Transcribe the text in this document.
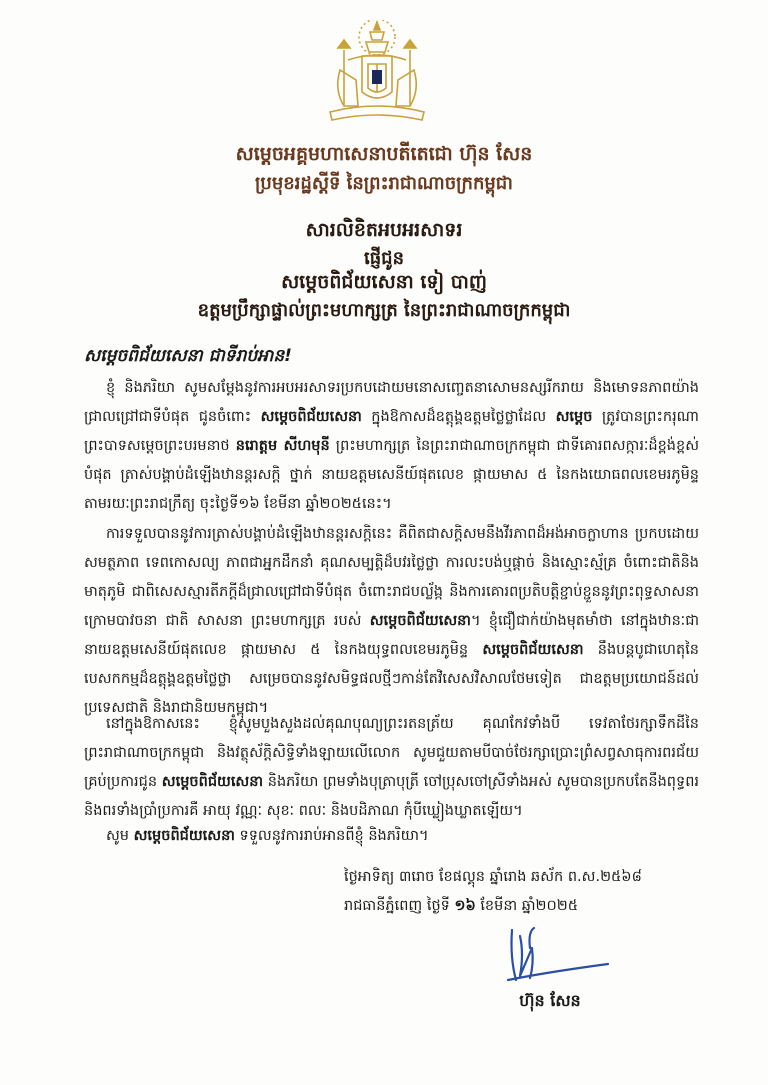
សម្តេចអគ្គមហាសេនាបតីតេជោ ហ៊ុន សែន
ប្រមុខរដ្ឋស្តីទី នៃព្រះរាជាណាចក្រកម្ពុជា
សារលិខិតអបអរសាទរ
ផ្ញើជូន
សម្តេចពិជ័យសេនា ទៀ បាញ់
ឧត្តមប្រឹក្សាផ្ទាល់ព្រះមហាក្សត្រ នៃព្រះរាជាណាចក្រកម្ពុជា
សម្តេចពិជ័យសេនា ជាទីរាប់អាន!

ខ្ញុំ និងភរិយា សូមសម្តែងនូវការអបអរសាទរប្រកបដោយមនោសញ្ចេតនាសោមនស្សរីករាយ និងមោទនភាពយ៉ាងជ្រាលជ្រៅជាទីបំផុត ជូនចំពោះ សម្តេចពិជ័យសេនា ក្នុងឱកាសដ៏ឧត្តុង្គឧត្តមថ្លៃថ្លាដែល សម្តេច ត្រូវបានព្រះករុណា ព្រះបាទសម្តេចព្រះបរមនាថ នរោត្តម សីហមុនី ព្រះមហាក្សត្រ នៃព្រះរាជាណាចក្រកម្ពុជា ជាទីគោរពសក្ការៈដ៏ខ្ពង់ខ្ពស់បំផុត ត្រាស់បង្គាប់ដំឡើងឋានន្តរសក្តិ ថ្នាក់ នាយឧត្តមសេនីយ៍ផុតលេខ ផ្កាយមាស ៥ នៃកងយោធពលខេមរភូមិន្ទ តាមរយៈព្រះរាជក្រឹត្យ ចុះថ្ងៃទី១៦ ខែមីនា ឆ្នាំ២០២៥នេះ។

ការទទួលបាននូវការត្រាស់បង្គាប់ដំឡើងឋានន្តរសក្តិនេះ គឺពិតជាសក្តិសមនឹងវីរភាពដ៏អង់អាចក្លាហាន ប្រកបដោយសមត្ថភាព ទេពកោសល្យ ភាពជាអ្នកដឹកនាំ គុណសម្បត្តិដ៏បវរថ្លៃថ្លា ការលះបង់ឬផ្តាច់ និងស្មោះស្ម័គ្រ ចំពោះជាតិនិងមាតុភូមិ ជាពិសេសស្មារតីភក្តីដ៏ជ្រាលជ្រៅជាទីបំផុត ចំពោះរាជបល្ល័ង្ក និងការគោរពប្រតិបត្តិខ្ជាប់ខ្ជួននូវព្រះពុទ្ធសាសនា ក្រោមបាវចនា ជាតិ សាសនា ព្រះមហាក្សត្រ របស់ សម្តេចពិជ័យសេនា។ ខ្ញុំជឿជាក់យ៉ាងមុតមាំថា នៅក្នុងឋានៈជានាយឧត្តមសេនីយ៍ផុតលេខ ផ្កាយមាស ៥ នៃកងយុទ្ធពលខេមរភូមិន្ទ សម្តេចពិជ័យសេនា នឹងបន្តបូជាហេតុនៃបេសកកម្មដ៏ឧត្តុង្គឧត្តមថ្លៃថ្លា សម្រេចបាននូវសមិទ្ធផលថ្មីៗកាន់តែវិសេសវិសាលថែមទៀត ជាឧត្តមប្រយោជន៍ដល់ប្រទេសជាតិ និងរាជានិយមកម្ពុជា។

នៅក្នុងឱកាសនេះ ខ្ញុំសូមបួងសួងដល់គុណបុណ្យព្រះរតនត្រ័យ គុណកែវទាំងបី ទេវតាថែរក្សាទឹកដីនៃព្រះរាជាណាចក្រកម្ពុជា និងវត្ថុស័ក្តិសិទ្ធិទាំងឡាយលើលោក សូមជួយតាមបីបាច់ថែរក្សាប្រោះព្រំសព្វសាធុការពរជ័យគ្រប់ប្រការជូន សម្តេចពិជ័យសេនា និងភរិយា ព្រមទាំងបុត្រាបុត្រី ចៅប្រុសចៅស្រីទាំងអស់ សូមបានប្រកបតែនឹងពុទ្ធពរនិងពរទាំងប្រាំប្រការគឺ អាយុ វណ្ណៈ សុខៈ ពលៈ និងបដិភាណ កុំបីឃ្លៀងឃ្លាតឡើយ។

សូម សម្តេចពិជ័យសេនា ទទួលនូវការរាប់អានពីខ្ញុំ និងភរិយា។

ថ្ងៃអាទិត្យ ៣រោច ខែផល្គុន ឆ្នាំរោង ឆស័ក ព.ស.២៥៦៨
រាជធានីភ្នំពេញ ថ្ងៃទី ១៦ ខែមីនា ឆ្នាំ២០២៥
ហ៊ុន សែន
